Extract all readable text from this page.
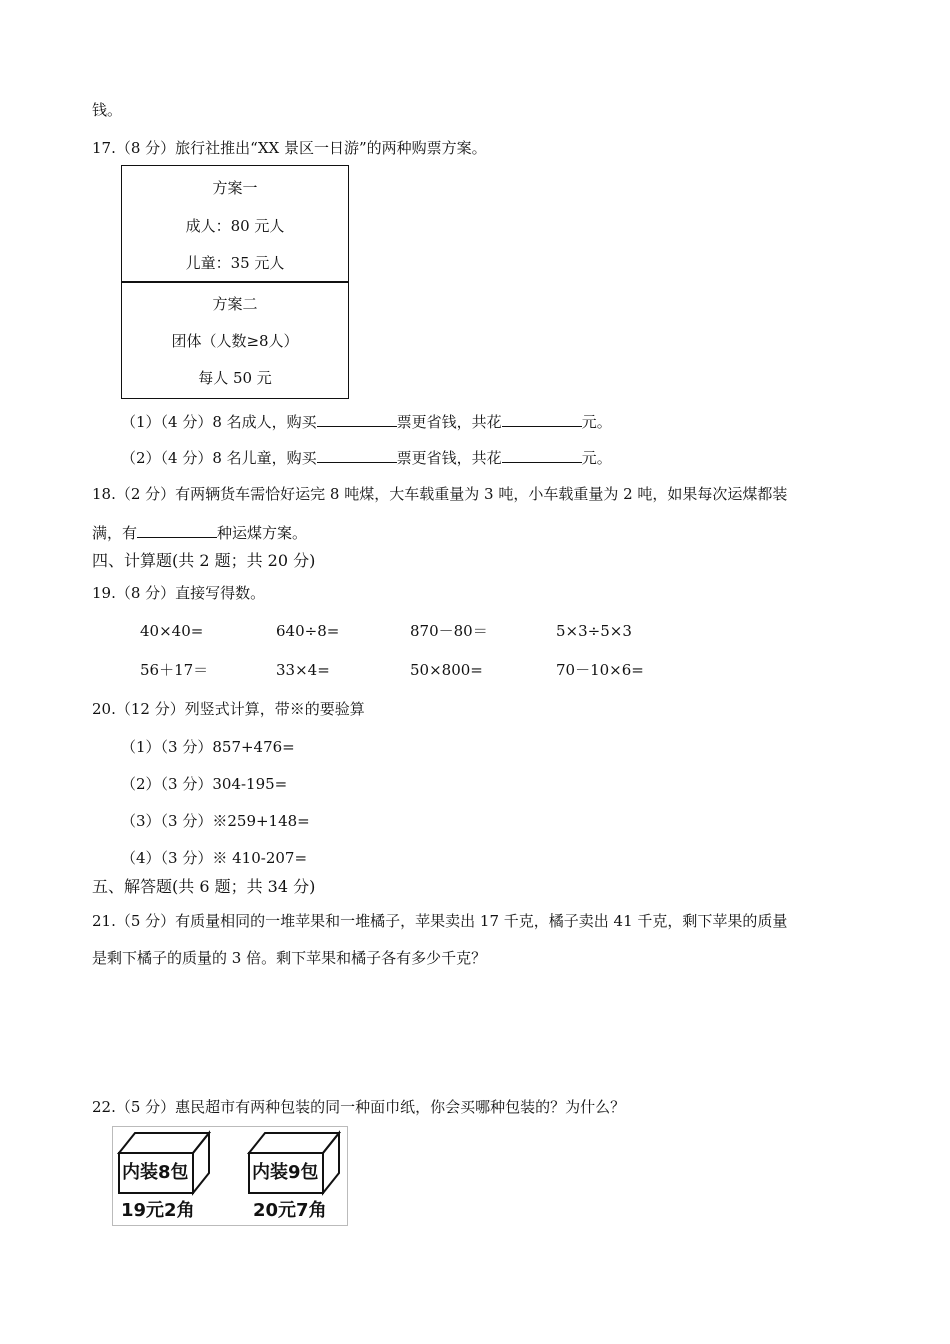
钱。
17.（8 分）旅行社推出“XX 景区一日游”的两种购票方案。
方案一
成人：80 元人
儿童：35 元人
方案二
团体（人数≥8人）
每人 50 元
（1）（4 分）8 名成人，购买	票更省钱，共花	元。
（2）（4 分）8 名儿童，购买	票更省钱，共花	元。
18.（2 分）有两辆货车需恰好运完 8 吨煤，大车载重量为 3 吨，小车载重量为 2 吨，如果每次运煤都装
满，有	种运煤方案。
四、计算题(共 2 题；共 20 分)
19.（8 分）直接写得数。
40×40=	640÷8=	870－80＝	5×3÷5×3
56＋17＝	33×4=	50×800=	70－10×6=
20.（12 分）列竖式计算，带※的要验算
（1）（3 分）857+476=
（2）（3 分）304-195=
（3）（3 分）※259+148=
（4）（3 分）※ 410-207=
五、解答题(共 6 题；共 34 分)
21.（5 分）有质量相同的一堆苹果和一堆橘子，苹果卖出 17 千克，橘子卖出 41 千克，剩下苹果的质量
是剩下橘子的质量的 3 倍。剩下苹果和橘子各有多少千克？
22.（5 分）惠民超市有两种包装的同一种面巾纸，你会买哪种包装的？为什么？
内装8包
19元2角
内装9包
20元7角
